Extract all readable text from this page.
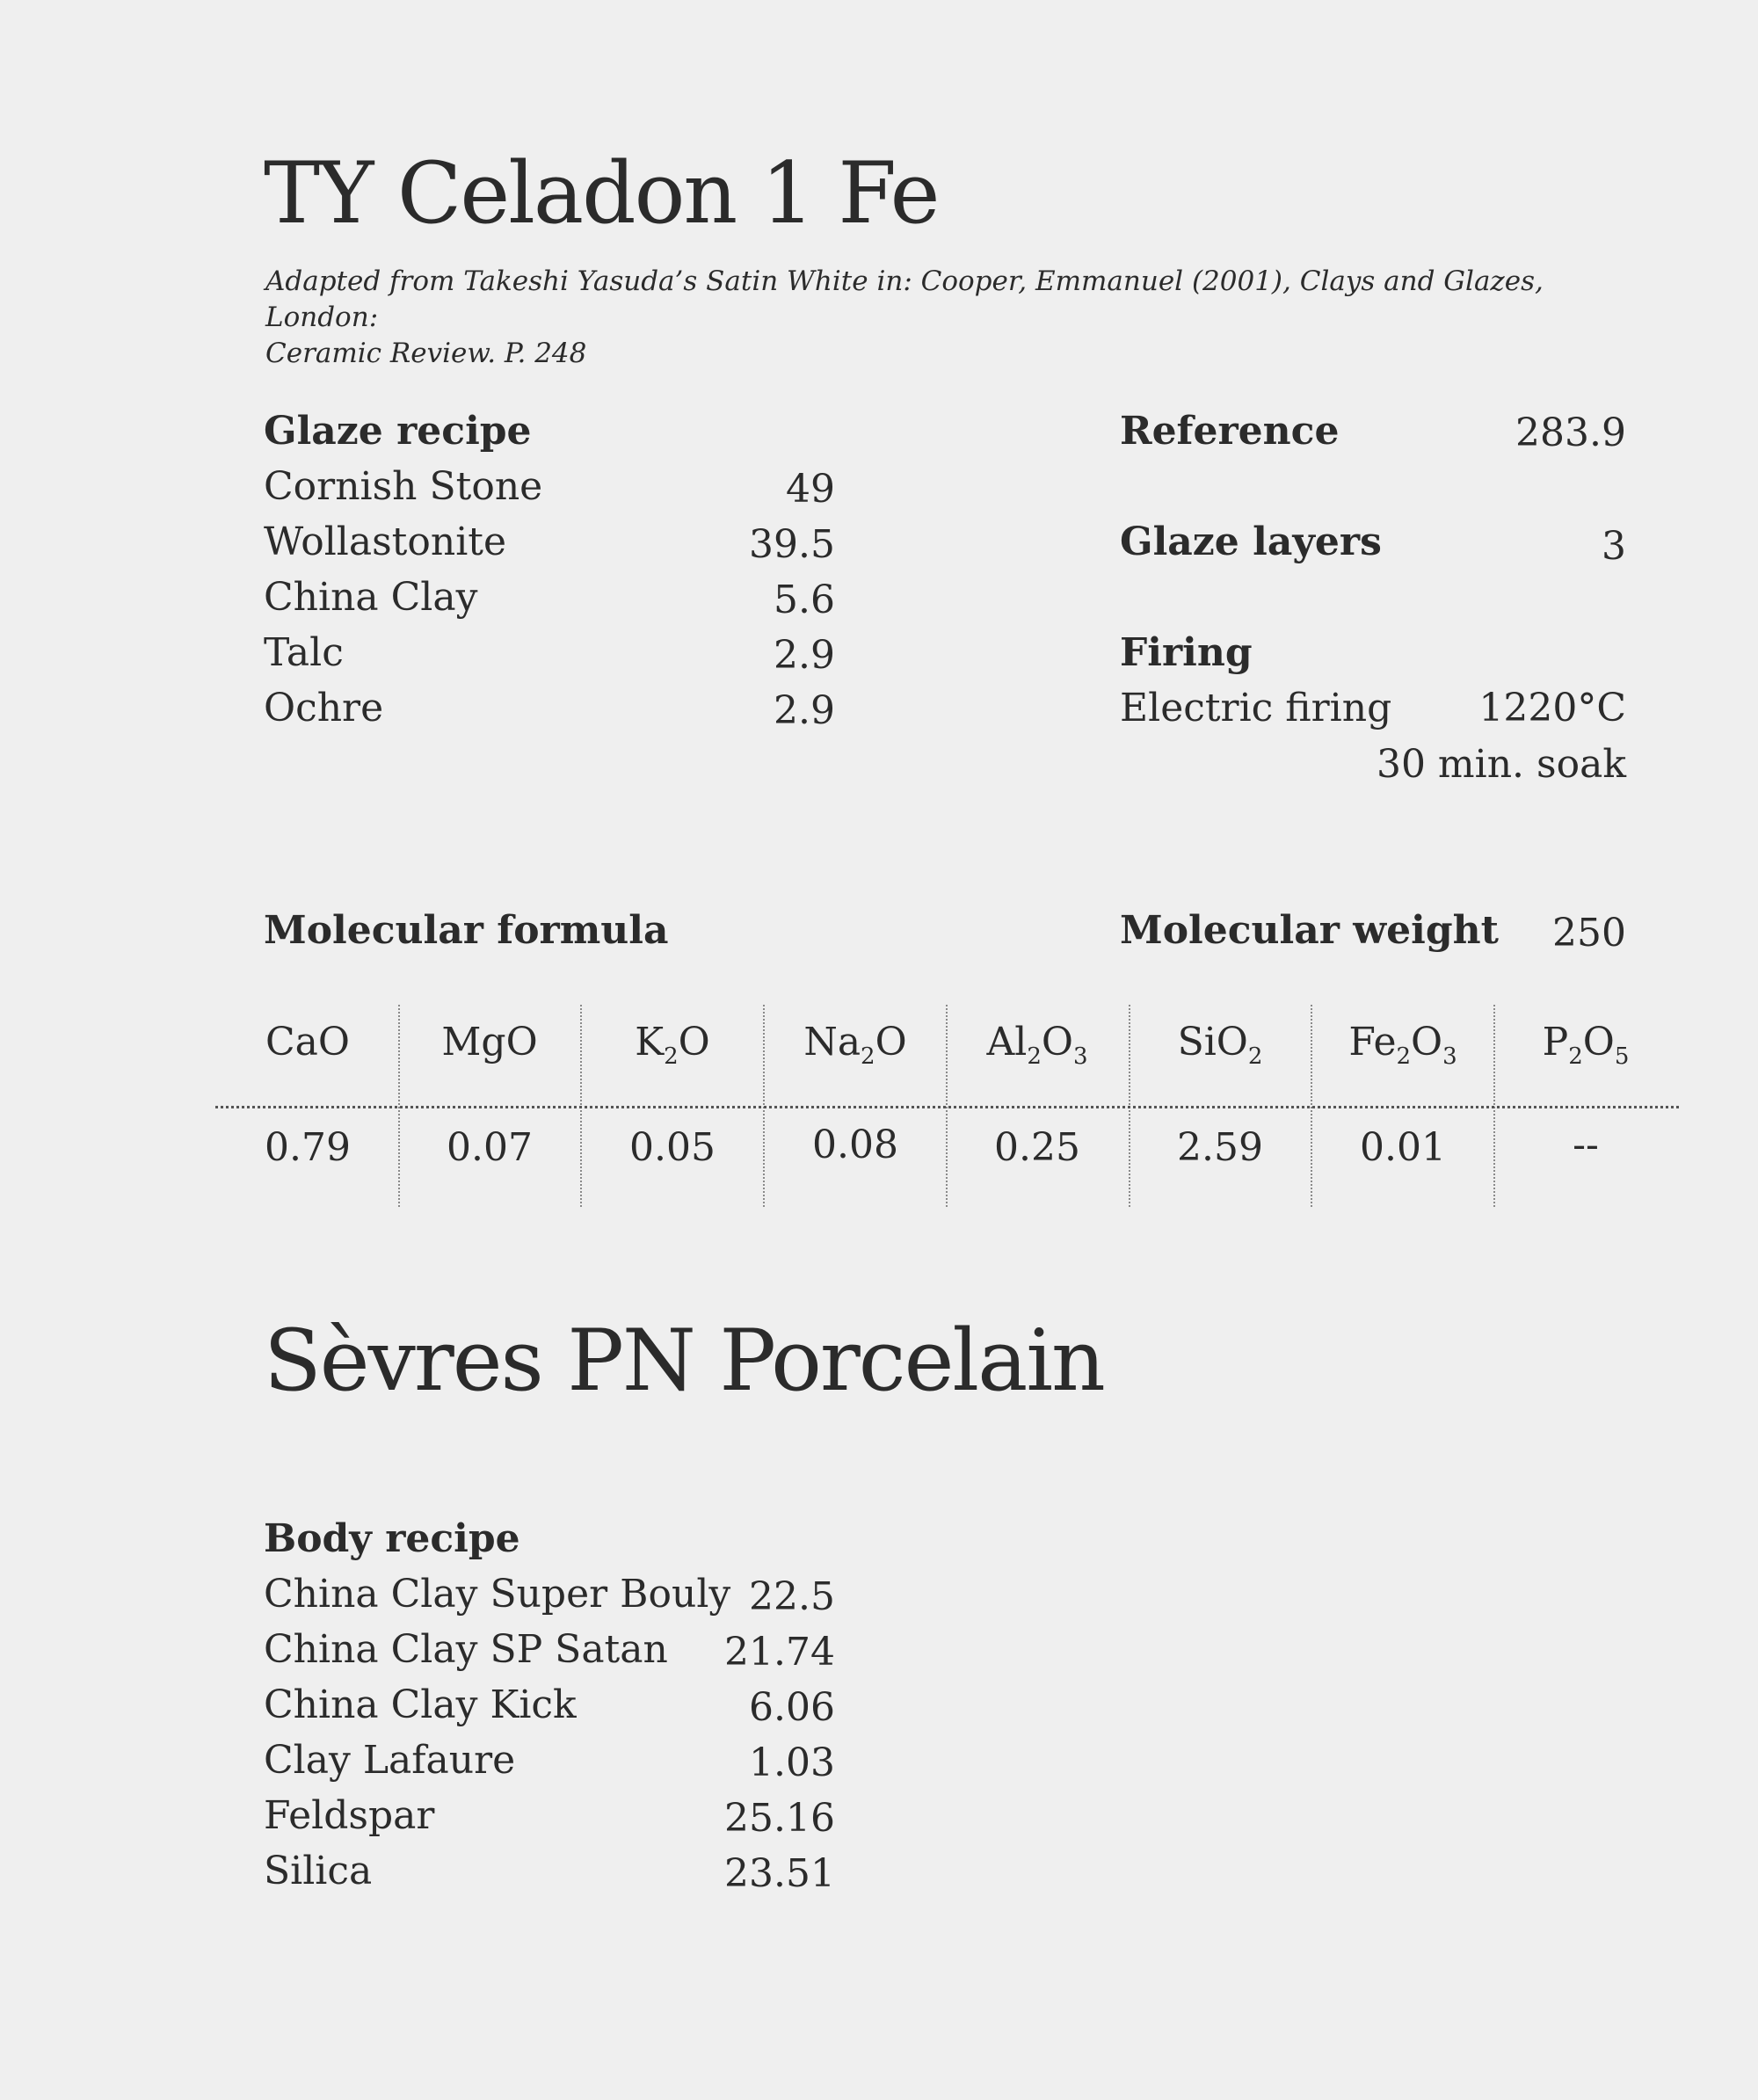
TY Celadon 1 Fe
Adapted from Takeshi Yasuda’s Satin White in: Cooper, Emmanuel (2001), Clays and Glazes, London:
Ceramic Review. P. 248
Glaze recipe
Cornish Stone	49
Wollastonite	39.5
China Clay	5.6
Talc	2.9
Ochre	2.9
Reference	283.9
Glaze layers	3
Firing
Electric firing	1220°C
30 min. soak
Molecular formula	Molecular weight	250
CaO	MgO	$K_2O$	$Na_2O$	$Al_2O_3$	SiO$_2$	$Fe_2O_3$	$P_2O_5$
0.79	0.07	0.05	0.08	0.25	2.59	0.01	--
Sèvres PN Porcelain
Body recipe
China Clay Super Bouly 22.5
China Clay SP Satan	21.74
China Clay Kick	6.06
Clay Lafaure	1.03
Feldspar	25.16
Silica	23.51
